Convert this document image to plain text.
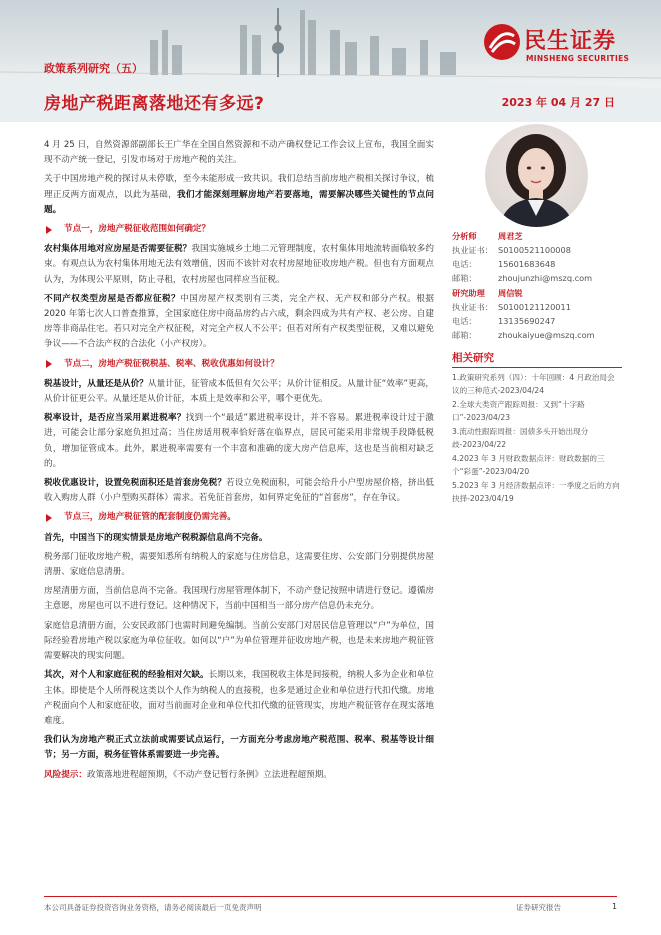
政策系列研究（五）
房地产税距离落地还有多远?	2023 年 04 月 27 日
民生证券
MINSHENG SECURITIES

4 月 25 日，自然资源部副部长王广华在全国自然资源和不动产确权登记工作会议上宣布，我国全面实现不动产统一登记，引发市场对于房地产税的关注。

关于中国房地产税的探讨从未停歇，至今未能形成一致共识。我们总结当前房地产税相关探讨争议，梳理正反两方面观点，以此为基础，我们才能深刻理解房地产若要落地，需要解决哪些关键性的节点问题。

节点一，房地产税征收范围如何确定？

农村集体用地对应房屋是否需要征税？我国实施城乡土地二元管理制度，农村集体用地流转面临较多约束。有观点认为农村集体用地无法有效增值，因而不该针对农村房屋地征收房地产税。但也有方面观点认为，为体现公平原则，防止寻租，农村房屋也同样应当征税。

不同产权类型房屋是否都应征税？中国房屋产权类别有三类，完全产权、无产权和部分产权。根据 2020 年第七次人口普查推算，全国家庭住房中商品房约占六成，剩余四成为共有产权、老公房、自建房等非商品住宅。若只对完全产权征税，对完全产权人不公平；但若对所有产权类型征税，又难以避免争议——不合法产权的合法化（小产权房）。

节点二，房地产税征税税基、税率、税收优惠如何设计？

税基设计，从量还是从价？从量计征，征管成本低但有欠公平；从价计征相反。从量计征“效率”更高，从价计征更公平。从量还是从价计征，本质上是效率和公平，哪个更优先。

税率设计，是否应当采用累进税率？找到一个“最适”累进税率设计，并不容易。累进税率设计过于激进，可能会让部分家庭负担过高；当住房适用税率恰好落在临界点，居民可能采用非常规手段降低税负，增加征管成本。此外，累进税率需要有一个丰富和准确的庞大房产信息库，这也是当前相对缺乏的。

税收优惠设计，设置免税面积还是首套房免税？若设立免税面积，可能会给升小户型房屋价格，挤出低收入购房人群（小户型购买群体）需求。若免征首套房，如何界定免征的“首套房”，存在争议。

节点三，房地产税征管的配套制度仍需完善。

首先，中国当下的现实情景是房地产税税源信息尚不完备。

税务部门征收房地产税，需要知悉所有纳税人的家庭与住房信息，这需要住房、公安部门分别提供房屋清册、家庭信息清册。

房屋清册方面，当前信息尚不完备。我国现行房屋管理体制下，不动产登记按照申请进行登记。遵循房主意愿，房屋也可以不进行登记。这种情况下，当前中国相当一部分房产信息仍未充分。

家庭信息清册方面，公安民政部门也需时间避免编制。当前公安部门对居民信息管理以“户”为单位，国际经验看房地产税以家庭为单位征收。如何以“户”为单位管理并征收房地产税，也是未来房地产税征管需要解决的现实问题。

其次，对个人和家庭征税的经验相对欠缺。长期以来，我国税收主体是间接税，纳税人多为企业和单位主体。即使是个人所得税这类以个人作为纳税人的直接税，也多是通过企业和单位进行代扣代缴。房地产税面向个人和家庭征收，面对当前面对企业和单位代扣代缴的征管现实，房地产税征管存在现实落地难度。

我们认为房地产税正式立法前或需要试点运行，一方面充分考虑房地产税范围、税率、税基等设计细节；另一方面，税务征管体系需要进一步完善。

风险提示：政策落地进程超预期，《不动产登记暂行条例》立法进程超预期。

分析师	周君芝
执业证书： S0100521100008
电话：	15601683648
邮箱：	zhoujunzhi@mszq.com
研究助理 周信锐
执业证书： S0100121120011
电话：	13135690247
邮箱：	zhoukaiyue@mszq.com
相关研究
1.政策研究系列（四）：十年回顾：4 月政治局会议的三种范式-2023/04/24
2.全球大类资产跟踪周报：又到“十字路口”-2023/04/23
3.流动性跟踪周报：国债多头开始出现分歧-2023/04/22
4.2023 年 3 月财政数据点评：财政数据的三个“彩蛋”-2023/04/20
5.2023 年 3 月经济数据点评：一季度之后的方向抉择-2023/04/19
本公司具备证券投资咨询业务资格，请务必阅读最后一页免责声明	证券研究报告	1
